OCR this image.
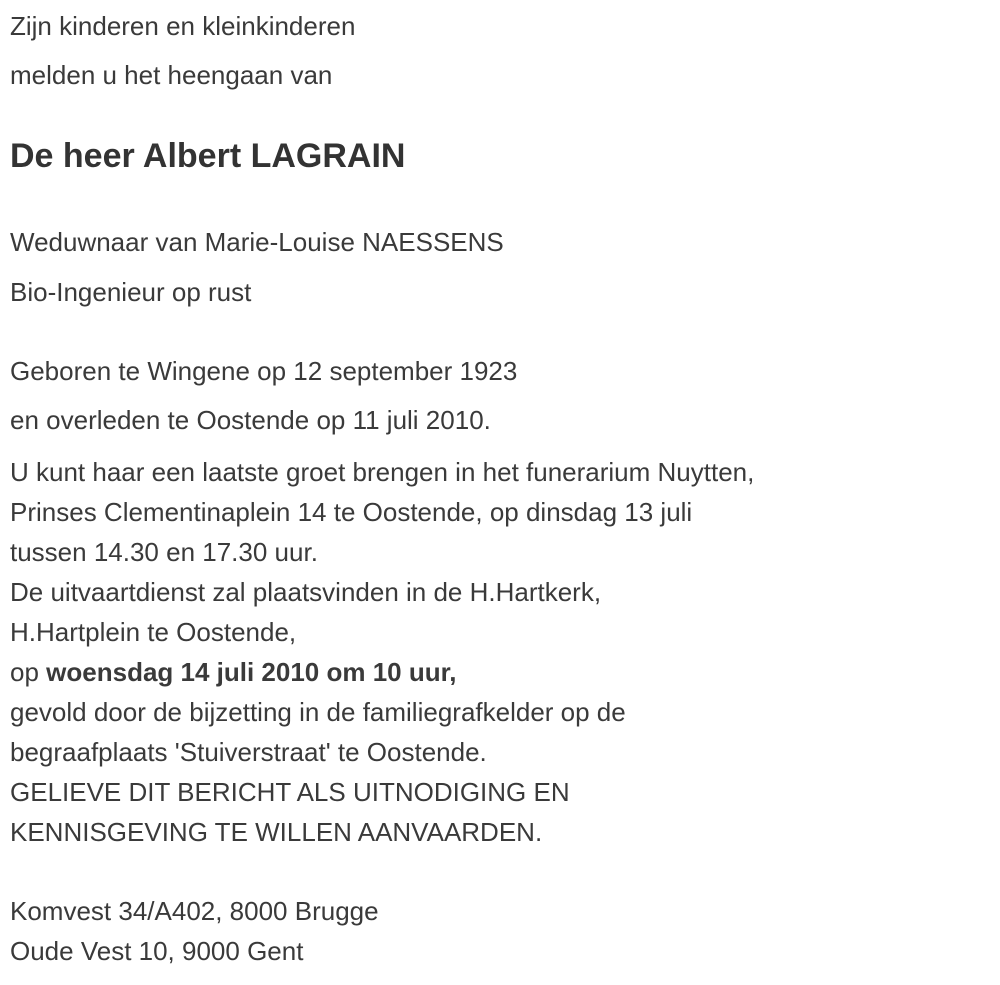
Zijn kinderen en kleinkinderen
melden u het heengaan van

De heer Albert LAGRAIN

Weduwnaar van Marie-Louise NAESSENS
Bio-Ingenieur op rust

Geboren te Wingene op 12 september 1923
en overleden te Oostende op 11 juli 2010.

U kunt haar een laatste groet brengen in het funerarium Nuytten,
Prinses Clementinaplein 14 te Oostende, op dinsdag 13 juli
tussen 14.30 en 17.30 uur.
De uitvaartdienst zal plaatsvinden in de H.Hartkerk,
H.Hartplein te Oostende,
op woensdag 14 juli 2010 om 10 uur,
gevold door de bijzetting in de familiegrafkelder op de
begraafplaats 'Stuiverstraat' te Oostende.
GELIEVE DIT BERICHT ALS UITNODIGING EN
KENNISGEVING TE WILLEN AANVAARDEN.

Komvest 34/A402, 8000 Brugge
Oude Vest 10, 9000 Gent
